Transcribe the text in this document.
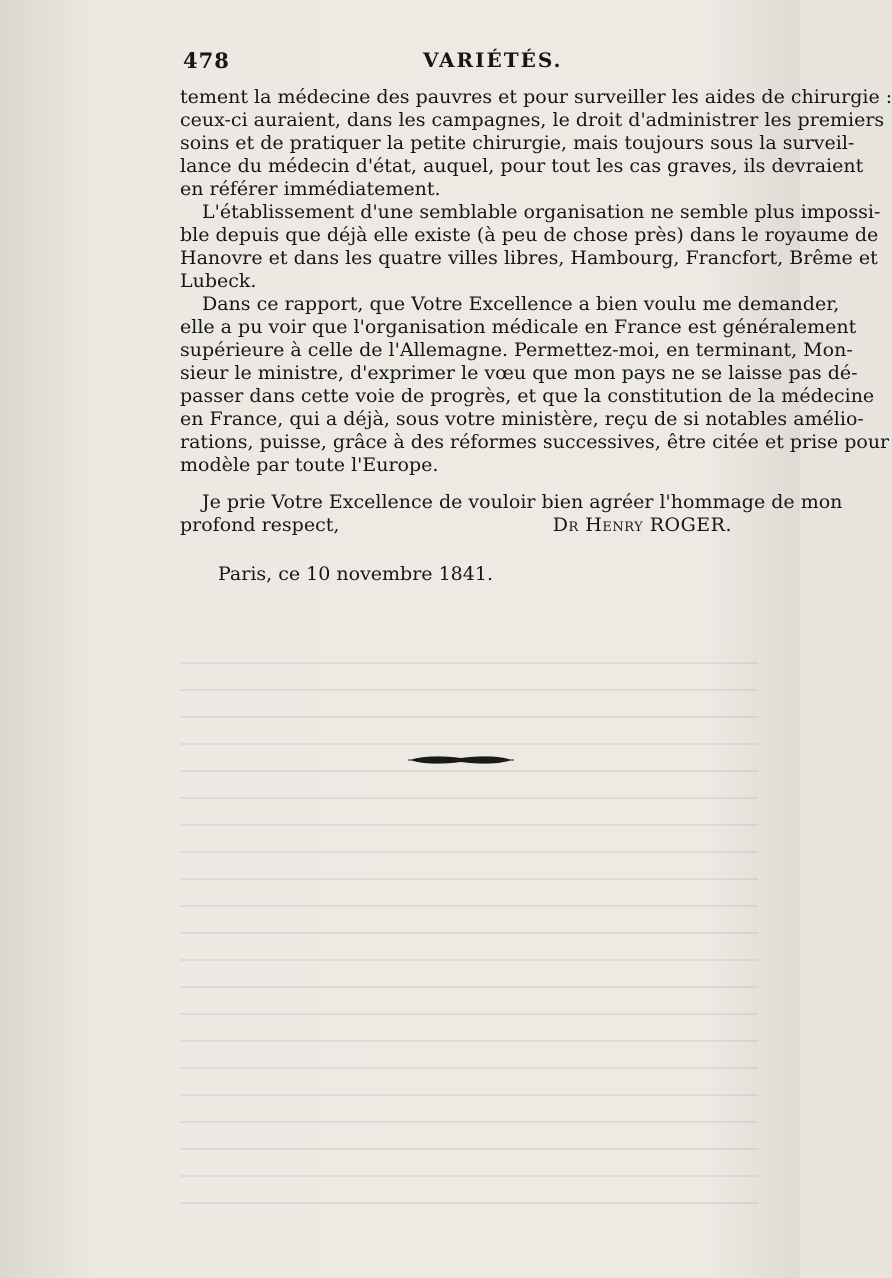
478	VARIÉTÉS.
tement la médecine des pauvres et pour surveiller les aides de chirurgie :
ceux-ci auraient, dans les campagnes, le droit d'administrer les premiers
soins et de pratiquer la petite chirurgie, mais toujours sous la surveil-
lance du médecin d'état, auquel, pour tout les cas graves, ils devraient
en référer immédiatement.
L'établissement d'une semblable organisation ne semble plus impossi-
ble depuis que déjà elle existe (à peu de chose près) dans le royaume de
Hanovre et dans les quatre villes libres, Hambourg, Francfort, Brême et
Lubeck.
Dans ce rapport, que Votre Excellence a bien voulu me demander,
elle a pu voir que l'organisation médicale en France est généralement
supérieure à celle de l'Allemagne. Permettez-moi, en terminant, Mon-
sieur le ministre, d'exprimer le vœu que mon pays ne se laisse pas dé-
passer dans cette voie de progrès, et que la constitution de la médecine
en France, qui a déjà, sous votre ministère, reçu de si notables amélio-
rations, puisse, grâce à des réformes successives, être citée et prise pour
modèle par toute l'Europe.
Je prie Votre Excellence de vouloir bien agréer l'hommage de mon
profond respect,	Dr Henry ROGER.
Paris, ce 10 novembre 1841.
